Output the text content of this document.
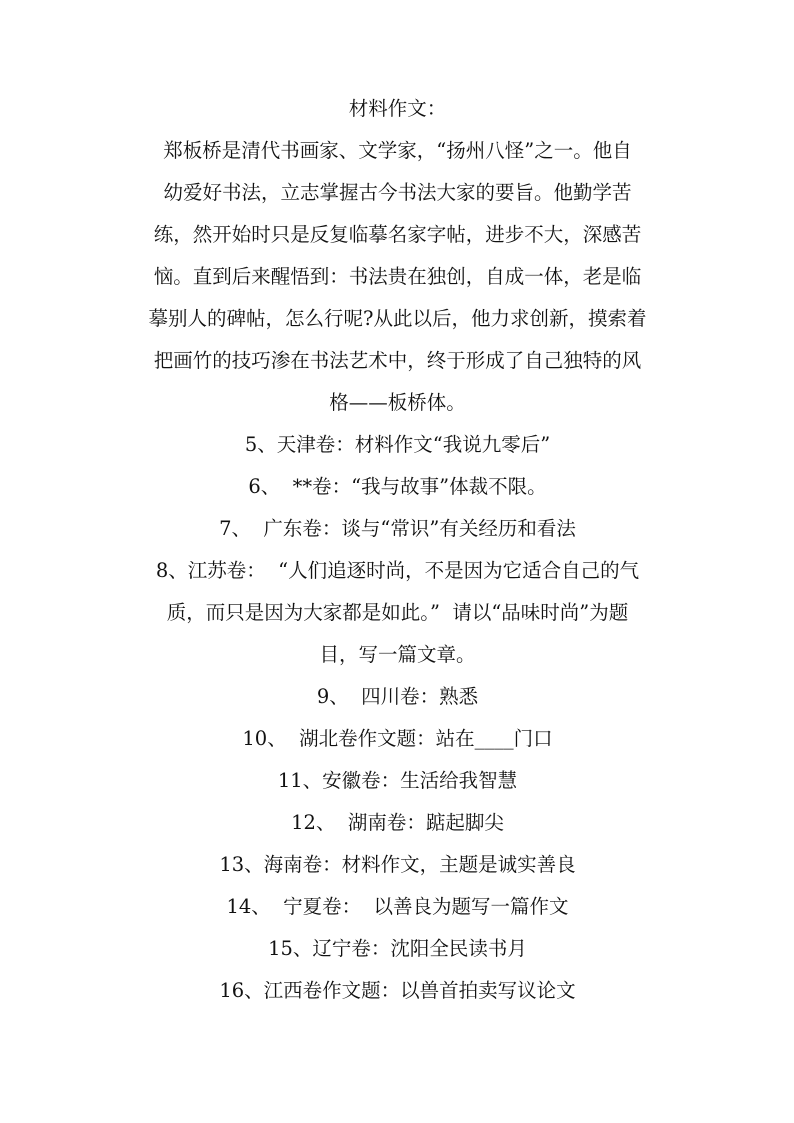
材料作文：
郑板桥是清代书画家、文学家，“扬州八怪”之一。他自
幼爱好书法，立志掌握古今书法大家的要旨。他勤学苦
练，然开始时只是反复临摹名家字帖，进步不大，深感苦
恼。直到后来醒悟到：书法贵在独创，自成一体，老是临
摹别人的碑帖，怎么行呢?从此以后，他力求创新，摸索着
把画竹的技巧渗在书法艺术中，终于形成了自己独特的风
格——板桥体。
5、天津卷：材料作文“我说九零后”
6、  **卷：“我与故事”体裁不限。
7、  广东卷：谈与“常识”有关经历和看法
8、江苏卷：  “人们追逐时尚，不是因为它适合自己的气
质，而只是因为大家都是如此。”  请以“品味时尚”为题
目，写一篇文章。
9、  四川卷：熟悉
10、  湖北卷作文题：站在____门口
11、安徽卷：生活给我智慧
12、  湖南卷：踮起脚尖
13、海南卷：材料作文，主题是诚实善良
14、  宁夏卷：  以善良为题写一篇作文
15、辽宁卷：沈阳全民读书月
16、江西卷作文题：以兽首拍卖写议论文
